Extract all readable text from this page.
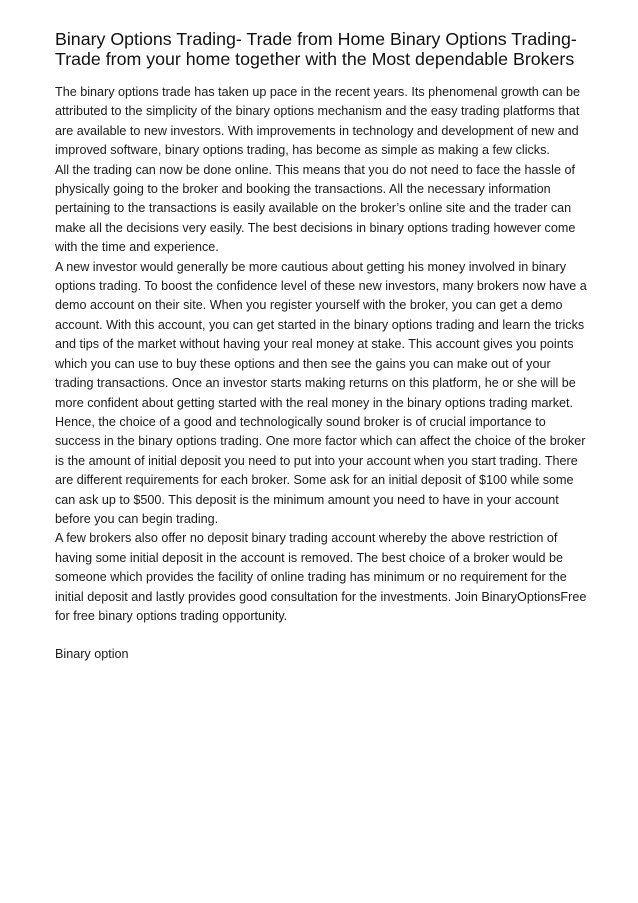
Binary Options Trading- Trade from Home Binary Options Trading- Trade from your home together with the Most dependable Brokers

The binary options trade has taken up pace in the recent years. Its phenomenal growth can be attributed to the simplicity of the binary options mechanism and the easy trading platforms that are available to new investors. With improvements in technology and development of new and improved software, binary options trading, has become as simple as making a few clicks.

All the trading can now be done online. This means that you do not need to face the hassle of physically going to the broker and booking the transactions. All the necessary information pertaining to the transactions is easily available on the broker’s online site and the trader can make all the decisions very easily. The best decisions in binary options trading however come with the time and experience.

A new investor would generally be more cautious about getting his money involved in binary options trading. To boost the confidence level of these new investors, many brokers now have a demo account on their site. When you register yourself with the broker, you can get a demo account. With this account, you can get started in the binary options trading and learn the tricks and tips of the market without having your real money at stake. This account gives you points which you can use to buy these options and then see the gains you can make out of your trading transactions. Once an investor starts making returns on this platform, he or she will be more confident about getting started with the real money in the binary options trading market.

Hence, the choice of a good and technologically sound broker is of crucial importance to success in the binary options trading. One more factor which can affect the choice of the broker is the amount of initial deposit you need to put into your account when you start trading. There are different requirements for each broker. Some ask for an initial deposit of $100 while some can ask up to $500. This deposit is the minimum amount you need to have in your account before you can begin trading.

A few brokers also offer no deposit binary trading account whereby the above restriction of having some initial deposit in the account is removed. The best choice of a broker would be someone which provides the facility of online trading has minimum or no requirement for the initial deposit and lastly provides good consultation for the investments. Join BinaryOptionsFree for free binary options trading opportunity.

Binary option
